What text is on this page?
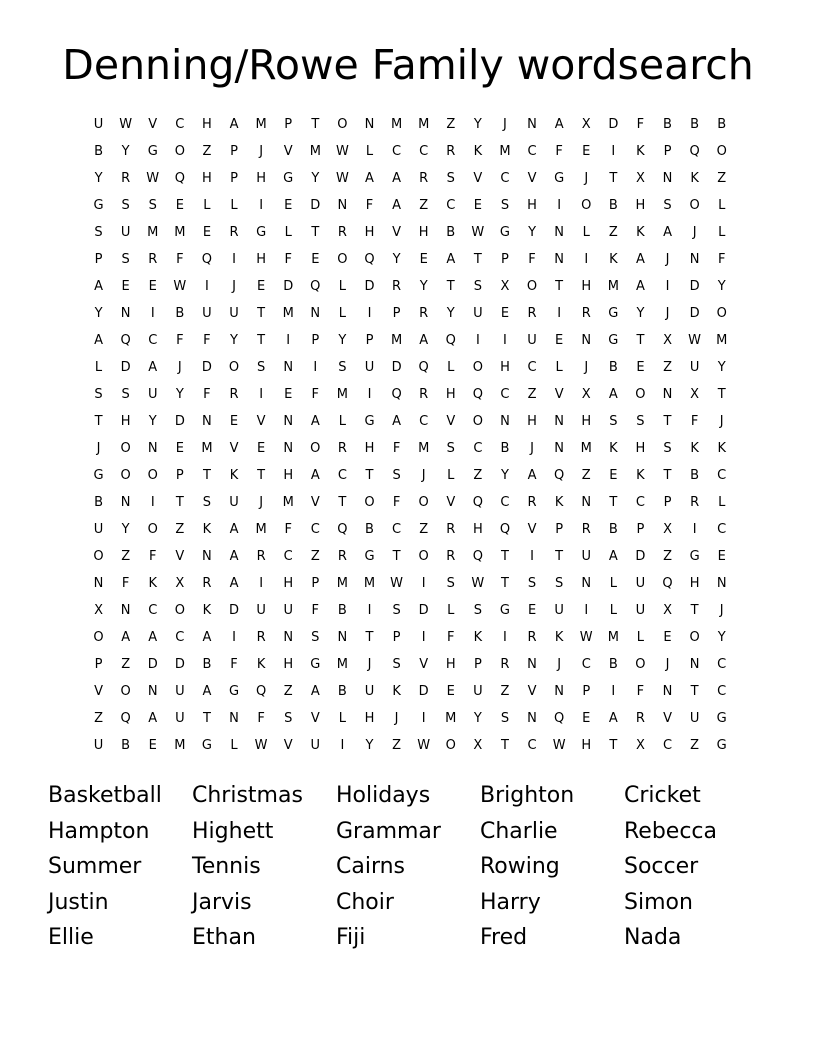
Denning/Rowe Family wordsearch
U	W	V	C	H	A	M	P	T	O	N	M	M	Z	Y	J	N	A	X	D	F	B	B	B
B	Y	G	O	Z	P	J	V	M	W	L	C	C	R	K	M	C	F	E	I	K	P	Q	O
Y	R	W	Q	H	P	H	G	Y	W	A	A	R	S	V	C	V	G	J	T	X	N	K	Z
G	S	S	E	L	L	I	E	D	N	F	A	Z	C	E	S	H	I	O	B	H	S	O	L
S	U	M	M	E	R	G	L	T	R	H	V	H	B	W	G	Y	N	L	Z	K	A	J	L
P	S	R	F	Q	I	H	F	E	O	Q	Y	E	A	T	P	F	N	I	K	A	J	N	F
A	E	E	W	I	J	E	D	Q	L	D	R	Y	T	S	X	O	T	H	M	A	I	D	Y
Y	N	I	B	U	U	T	M	N	L	I	P	R	Y	U	E	R	I	R	G	Y	J	D	O
A	Q	C	F	F	Y	T	I	P	Y	P	M	A	Q	I	I	U	E	N	G	T	X	W	M
L	D	A	J	D	O	S	N	I	S	U	D	Q	L	O	H	C	L	J	B	E	Z	U	Y
S	S	U	Y	F	R	I	E	F	M	I	Q	R	H	Q	C	Z	V	X	A	O	N	X	T
T	H	Y	D	N	E	V	N	A	L	G	A	C	V	O	N	H	N	H	S	S	T	F	J
J	O	N	E	M	V	E	N	O	R	H	F	M	S	C	B	J	N	M	K	H	S	K	K
G	O	O	P	T	K	T	H	A	C	T	S	J	L	Z	Y	A	Q	Z	E	K	T	B	C
B	N	I	T	S	U	J	M	V	T	O	F	O	V	Q	C	R	K	N	T	C	P	R	L
U	Y	O	Z	K	A	M	F	C	Q	B	C	Z	R	H	Q	V	P	R	B	P	X	I	C
O	Z	F	V	N	A	R	C	Z	R	G	T	O	R	Q	T	I	T	U	A	D	Z	G	E
N	F	K	X	R	A	I	H	P	M	M	W	I	S	W	T	S	S	N	L	U	Q	H	N
X	N	C	O	K	D	U	U	F	B	I	S	D	L	S	G	E	U	I	L	U	X	T	J
O	A	A	C	A	I	R	N	S	N	T	P	I	F	K	I	R	K	W	M	L	E	O	Y
P	Z	D	D	B	F	K	H	G	M	J	S	V	H	P	R	N	J	C	B	O	J	N	C
V	O	N	U	A	G	Q	Z	A	B	U	K	D	E	U	Z	V	N	P	I	F	N	T	C
Z	Q	A	U	T	N	F	S	V	L	H	J	I	M	Y	S	N	Q	E	A	R	V	U	G
U	B	E	M	G	L	W	V	U	I	Y	Z	W	O	X	T	C	W	H	T	X	C	Z	G
Basketball	Christmas	Holidays	Brighton	Cricket
Hampton	Highett	Grammar	Charlie	Rebecca
Summer	Tennis	Cairns	Rowing	Soccer
Justin	Jarvis	Choir	Harry	Simon
Ellie	Ethan	Fiji	Fred	Nada
